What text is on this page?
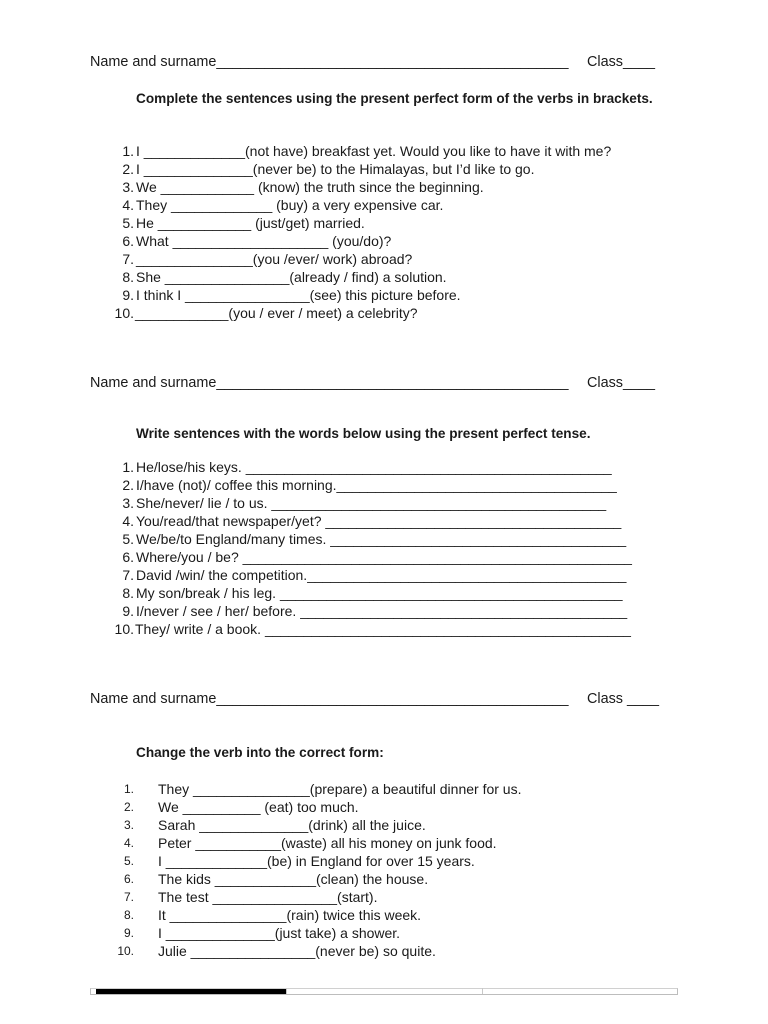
Name and surname____________________________________________ Class____
Complete the sentences using the present perfect form of the verbs in brackets.
1. I _____________(not have) breakfast yet. Would you like to have it with me?
2. I ______________(never be) to the Himalayas, but I’d like to go.
3. We ____________ (know) the truth since the beginning.
4. They _____________ (buy) a very expensive car.
5. He ____________ (just/get) married.
6. What ____________________ (you/do)?
7. _______________(you /ever/ work) abroad?
8. She ________________(already / find) a solution.
9. I think I ________________(see) this picture before.
10. ____________(you / ever / meet) a celebrity?
Name and surname____________________________________________ Class____
Write sentences with the words below using the present perfect tense.
1. He/lose/his keys. _______________________________________________
2. I/have (not)/ coffee this morning.____________________________________
3. She/never/ lie / to us. ___________________________________________
4. You/read/that newspaper/yet? ______________________________________
5. We/be/to England/many times. ______________________________________
6. Where/you / be? __________________________________________________
7. David /win/ the competition._________________________________________
8. My son/break / his leg. ____________________________________________
9. I/never / see / her/ before. __________________________________________
10. They/ write / a book. _______________________________________________
Name and surname____________________________________________ Class ____
Change the verb into the correct form:
1. They _______________(prepare) a beautiful dinner for us.
2. We __________ (eat) too much.
3. Sarah ______________(drink) all the juice.
4. Peter ___________(waste) all his money on junk food.
5. I _____________(be) in England for over 15 years.
6. The kids _____________(clean) the house.
7. The test ________________(start).
8. It _______________(rain) twice this week.
9. I ______________(just take) a shower.
10. Julie ________________(never be) so quite.
